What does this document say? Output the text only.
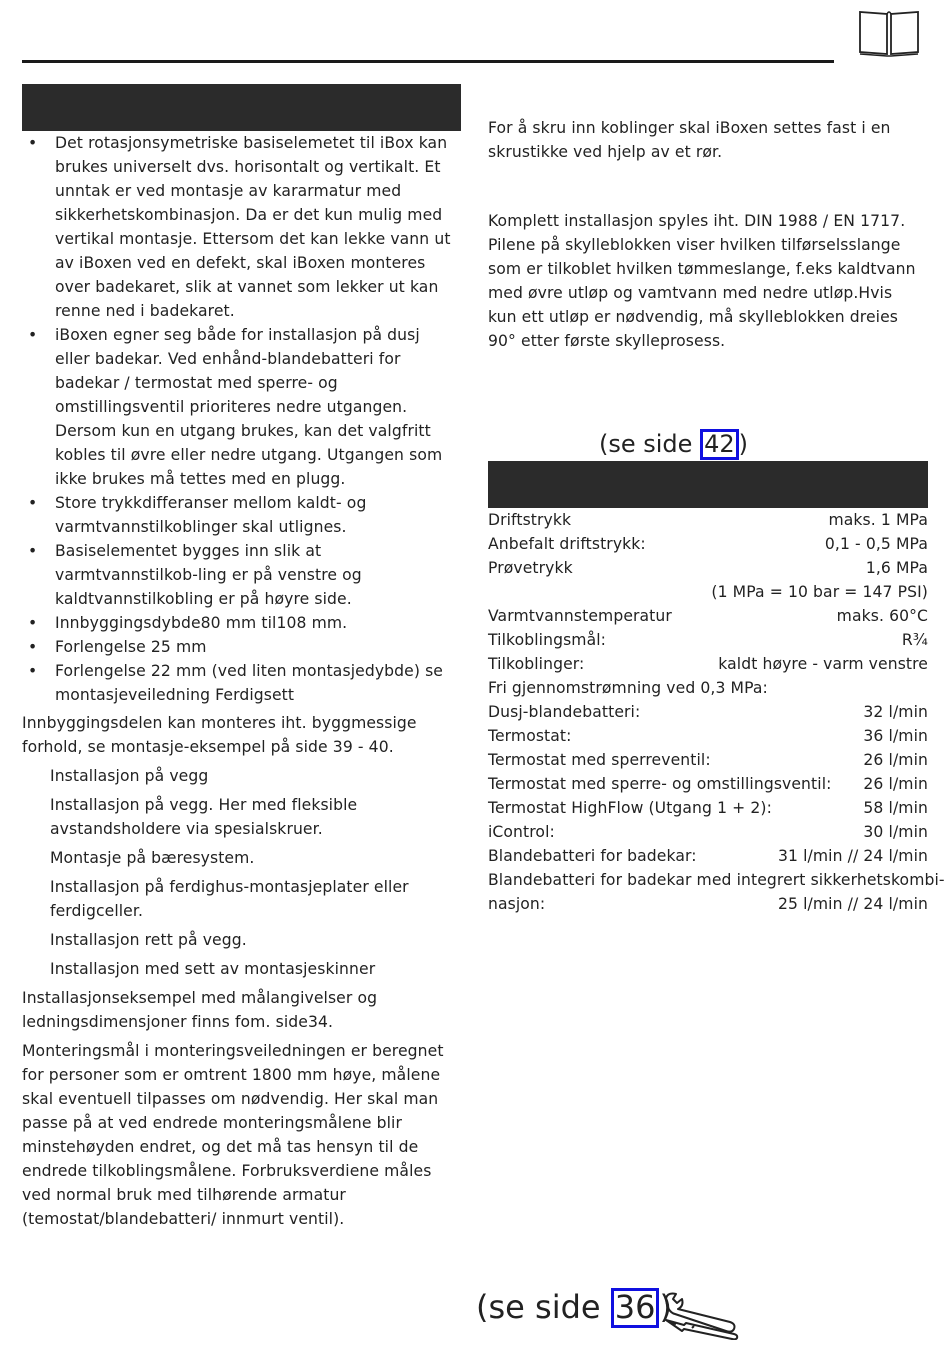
• Det rotasjonsymetriske basiselemetet til iBox kan brukes universelt dvs. horisontalt og vertikalt. Et unntak er ved montasje av kararmatur med sikkerhetskombinasjon. Da er det kun mulig med vertikal montasje. Ettersom det kan lekke vann ut av iBoxen ved en defekt, skal iBoxen monteres over badekaret, slik at vannet som lekker ut kan renne ned i badekaret.
• iBoxen egner seg både for installasjon på dusj eller badekar. Ved enhånd-blandebatteri for badekar / termostat med sperre- og omstillingsventil prioriteres nedre utgangen. Dersom kun en utgang brukes, kan det valgfritt kobles til øvre eller nedre utgang. Utgangen som ikke brukes må tettes med en plugg.
• Store trykkdifferanser mellom kaldt- og varmtvannstilkoblinger skal utlignes.
• Basiselementet bygges inn slik at varmtvannstilkob-ling er på venstre og kaldtvannstilkobling er på høyre side.
• Innbyggingsdybde80 mm til108 mm.
• Forlengelse 25 mm
• Forlengelse 22 mm (ved liten montasjedybde) se montasjeveiledning Ferdigsett

Innbyggingsdelen kan monteres iht. byggmessige forhold, se montasje-eksempel på side 39 - 40.

Installasjon på vegg

Installasjon på vegg. Her med fleksible avstandsholdere via spesialskruer.

Montasje på bæresystem.

Installasjon på ferdighus-montasjeplater eller ferdigceller.

Installasjon rett på vegg.

Installasjon med sett av montasjeskinner

Installasjonseksempel med målangivelser og ledningsdimensjoner finns fom. side34.

Monteringsmål i monteringsveiledningen er beregnet for personer som er omtrent 1800 mm høye, målene skal eventuell tilpasses om nødvendig. Her skal man passe på at ved endrede monteringsmålene blir minstehøyden endret, og det må tas hensyn til de endrede tilkoblingsmålene. Forbruksverdiene måles ved normal bruk med tilhørende armatur (temostat/blandebatteri/ innmurt ventil).

For å skru inn koblinger skal iBoxen settes fast i en skrustikke ved hjelp av et rør.
Komplett installasjon spyles iht. DIN 1988 / EN 1717. Pilene på skylleblokken viser hvilken tilførselsslange som er tilkoblet hvilken tømmeslange, f.eks kaldtvann med øvre utløp og vamtvann med nedre utløp.Hvis kun ett utløp er nødvendig, må skylleblokken dreies 90° etter første skylleprosess.
(se side 42 )
Driftstrykk	maks. 1 MPa
Anbefalt driftstrykk:	0,1 - 0,5 MPa
Prøvetrykk	1,6 MPa
(1 MPa = 10 bar = 147 PSI)
Varmtvannstemperatur	maks. 60°C
Tilkoblingsmål:	R¾
Tilkoblinger:	kaldt høyre - varm venstre
Fri gjennomstrømning ved 0,3 MPa:
Dusj-blandebatteri:	32 l/min
Termostat:	36 l/min
Termostat med sperreventil:	26 l/min
Termostat med sperre- og omstillingsventil: 26 l/min
Termostat HighFlow (Utgang 1 + 2):	58 l/min
iControl:	30 l/min
Blandebatteri for badekar:	31 l/min // 24 l/min
Blandebatteri for badekar med integrert sikkerhetskombi-
nasjon:	25 l/min // 24 l/min
(se side 36 )
